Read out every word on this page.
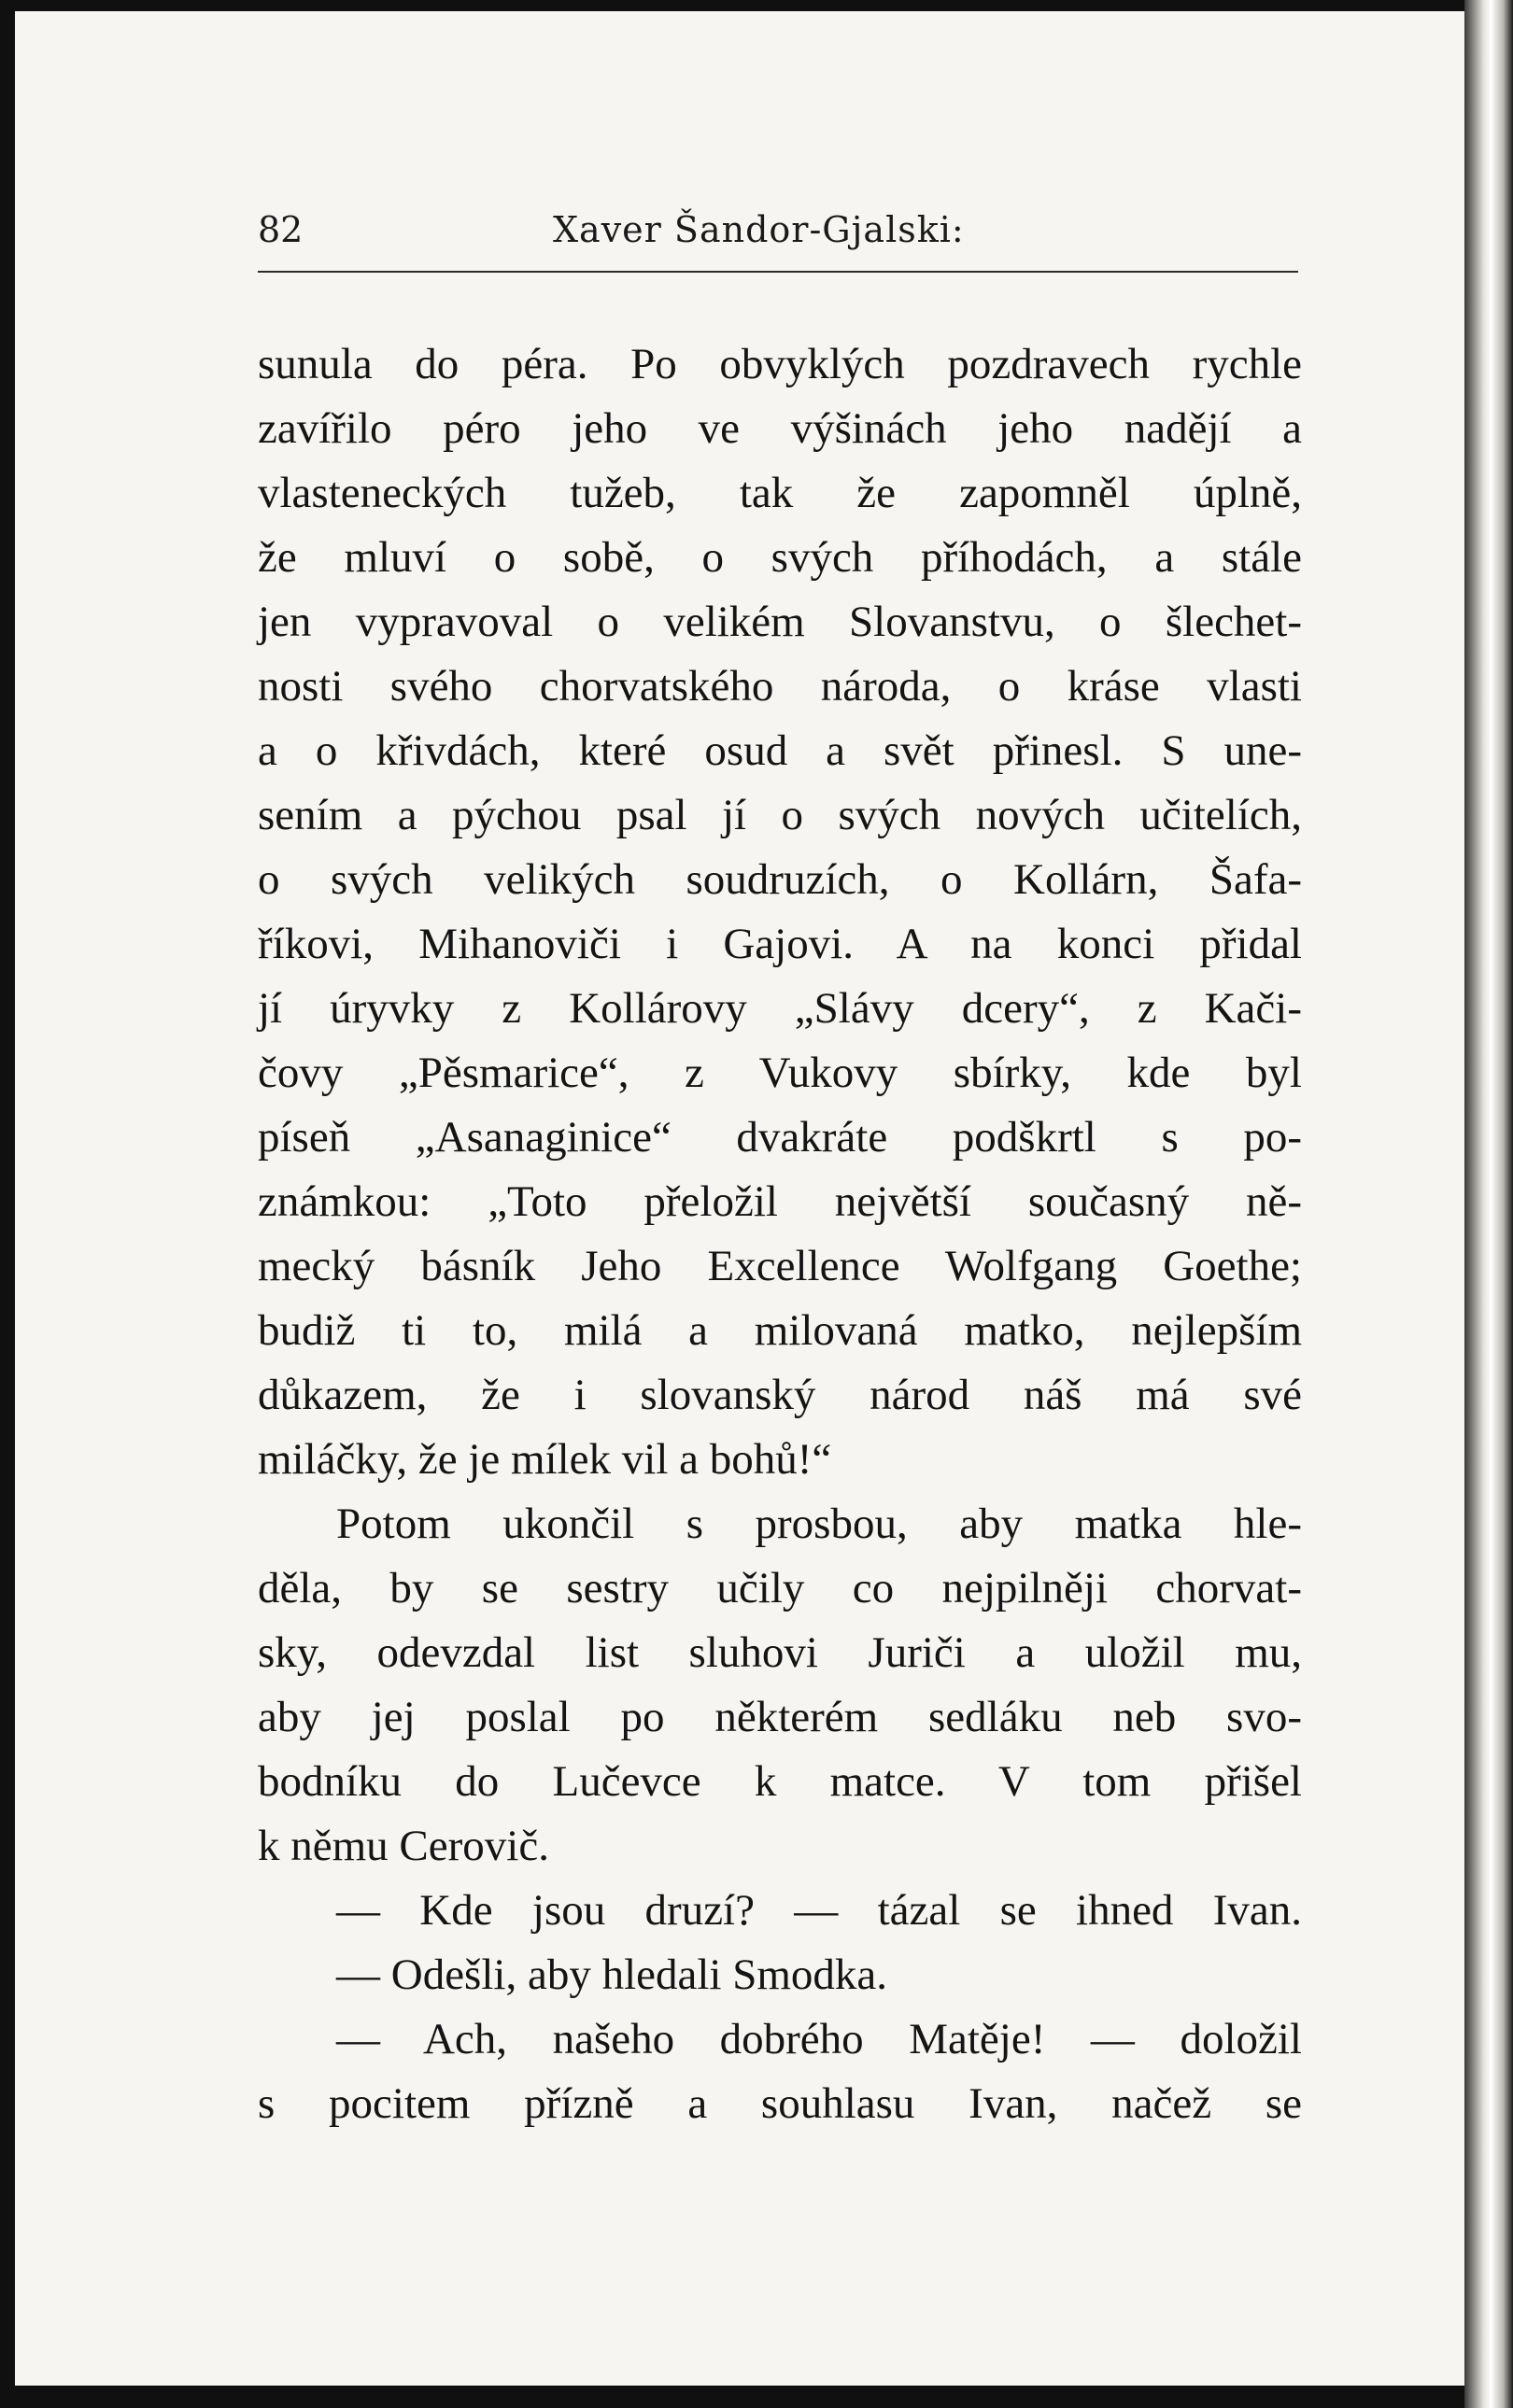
82	Xaver Šandor-Gjalski:
sunula do péra. Po obvyklých pozdravech rychle
zavířilo péro jeho ve výšinách jeho nadějí a
vlasteneckých tužeb, tak že zapomněl úplně,
že mluví o sobě, o svých příhodách, a stále
jen vypravoval o velikém Slovanstvu, o šlechet-
nosti svého chorvatského národa, o kráse vlasti
a o křivdách, které osud a svět přinesl. S une-
sením a pýchou psal jí o svých nových učitelích,
o svých velikých soudruzích, o Kollárn, Šafa-
říkovi, Mihanoviči i Gajovi. A na konci přidal
jí úryvky z Kollárovy „Slávy dcery“, z Kači-
čovy „Pěsmarice“, z Vukovy sbírky, kde byl
píseň „Asanaginice“ dvakráte podškrtl s po-
známkou: „Toto přeložil největší současný ně-
mecký básník Jeho Excellence Wolfgang Goethe;
budiž ti to, milá a milovaná matko, nejlepším
důkazem, že i slovanský národ náš má své
miláčky, že je mílek vil a bohů!“
Potom ukončil s prosbou, aby matka hle-
děla, by se sestry učily co nejpilněji chorvat-
sky, odevzdal list sluhovi Juriči a uložil mu,
aby jej poslal po některém sedláku neb svo-
bodníku do Lučevce k matce. V tom přišel
k němu Cerovič.
— Kde jsou druzí? — tázal se ihned Ivan.
— Odešli, aby hledali Smodka.
— Ach, našeho dobrého Matěje! — doložil
s pocitem přízně a souhlasu Ivan, načež se
